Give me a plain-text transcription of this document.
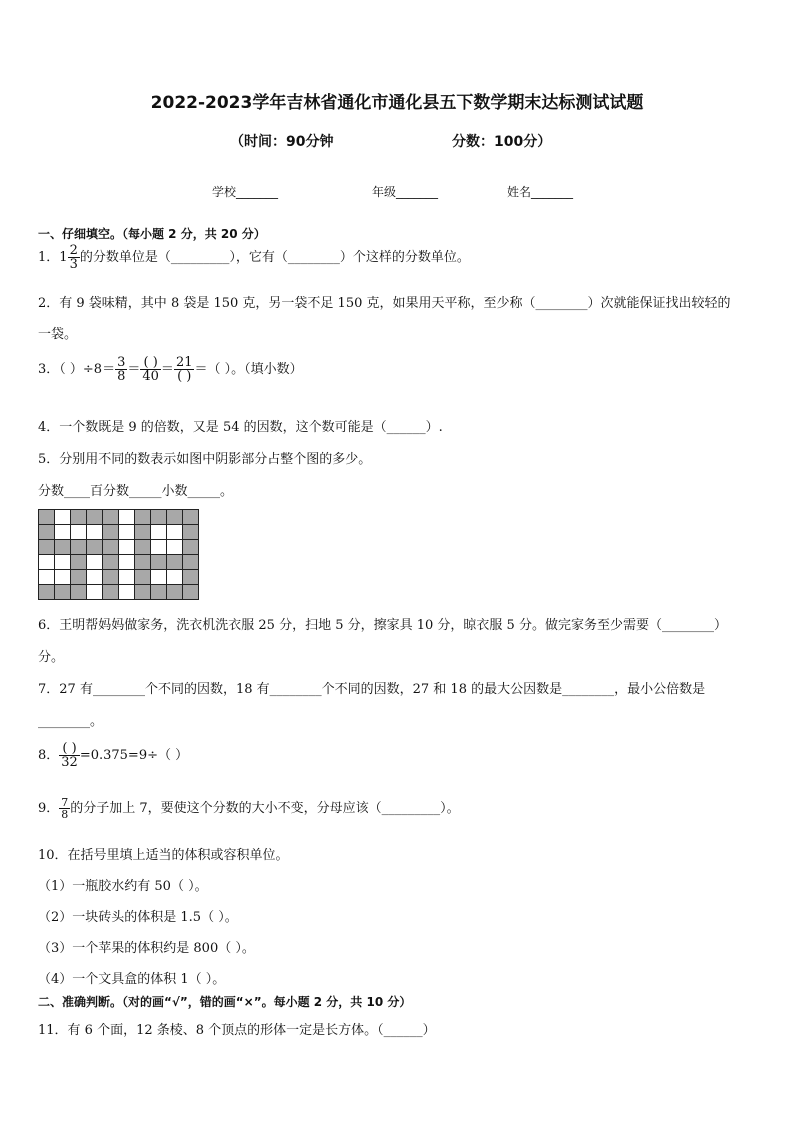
2022-2023学年吉林省通化市通化县五下数学期末达标测试试题
（时间：90分钟	分数：100分）
学校_______	年级_______	姓名_______
一、仔细填空。（每小题 2 分，共 20 分）
1．$1 \frac{2}{3}$ 的分数单位是（_________），它有（________）个这样的分数单位。
2．有 9 袋味精，其中 8 袋是 150 克，另一袋不足 150 克，如果用天平称，至少称（________）次就能保证找出较轻的
一袋。
3．（ ）$\div 8= \frac{3}{8} = \frac{( )}{40} = \frac{21}{( )}$ ＝（ ）。（填小数）
4．一个数既是 9 的倍数，又是 54 的因数，这个数可能是（______）.
5．分别用不同的数表示如图中阴影部分占整个图的多少。
分数____百分数_____小数_____。
6．王明帮妈妈做家务，洗衣机洗衣服 25 分，扫地 5 分，擦家具 10 分，晾衣服 5 分。做完家务至少需要（________）
分。
7．27 有________个不同的因数，18 有________个不同的因数，27 和 18 的最大公因数是________，最小公倍数是
________。
8． $\frac{( )}{32} =0.375=9\div$（ ）
9． $\frac{7}{8}$ 的分子加上 7，要使这个分数的大小不变，分母应该（_________）。
10．在括号里填上适当的体积或容积单位。
（1）一瓶胶水约有 50（ ）。
（2）一块砖头的体积是 1.5（ ）。
（3）一个苹果的体积约是 800（ ）。
（4）一个文具盒的体积 1（ ）。
二、准确判断。（对的画“√”，错的画“×”。每小题 2 分，共 10 分）
11．有 6 个面，12 条棱、8 个顶点的形体一定是长方体。（______）
